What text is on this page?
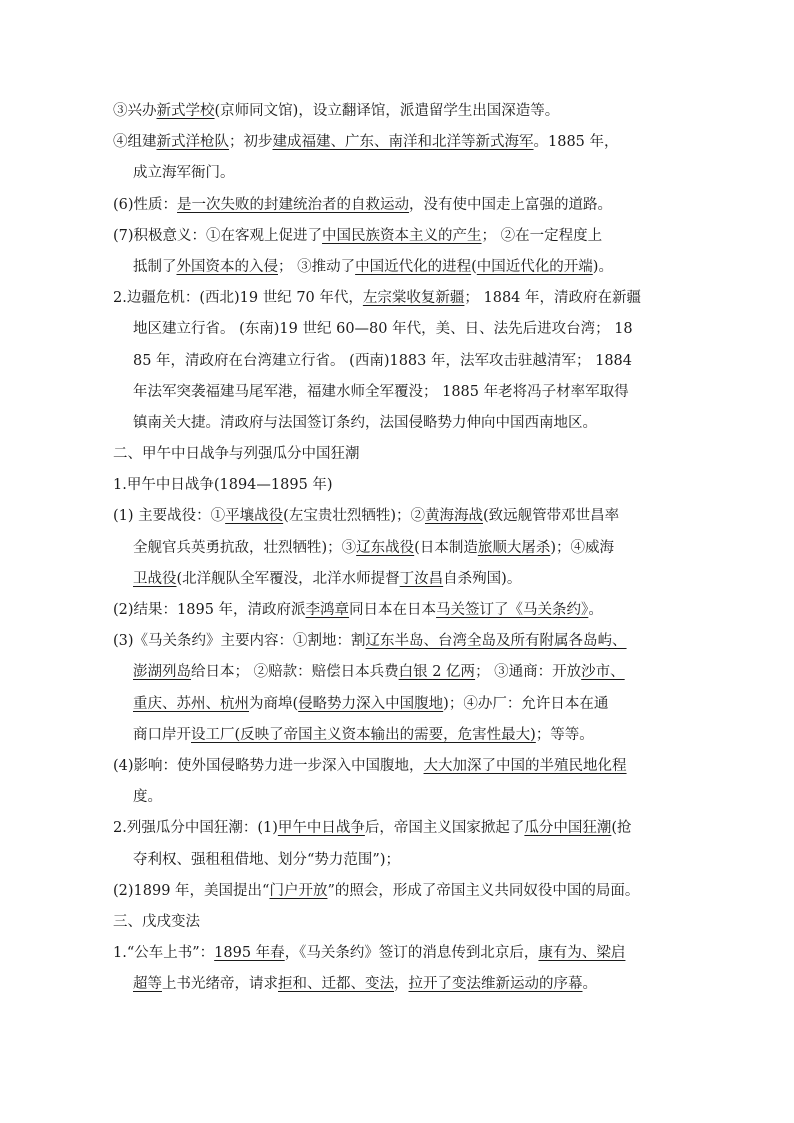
③兴办新式学校(京师同文馆)，设立翻译馆，派遣留学生出国深造等。
④组建新式洋枪队；初步建成福建、广东、南洋和北洋等新式海军。1885 年，
成立海军衙门。
(6)性质：是一次失败的封建统治者的自救运动，没有使中国走上富强的道路。
(7)积极意义：①在客观上促进了中国民族资本主义的产生； ②在一定程度上
抵制了外国资本的入侵； ③推动了中国近代化的进程(中国近代化的开端)。
2.边疆危机：(西北)19 世纪 70 年代，左宗棠收复新疆； 1884 年，清政府在新疆
地区建立行省。 (东南)19 世纪 60—80 年代，美、日、法先后进攻台湾； 18
85 年，清政府在台湾建立行省。 (西南)1883 年，法军攻击驻越清军； 1884
年法军突袭福建马尾军港，福建水师全军覆没； 1885 年老将冯子材率军取得
镇南关大捷。清政府与法国签订条约，法国侵略势力伸向中国西南地区。
二、甲午中日战争与列强瓜分中国狂潮
1.甲午中日战争(1894—1895 年)
(1) 主要战役：①平壤战役(左宝贵壮烈牺牲)；②黄海海战(致远舰管带邓世昌率
全舰官兵英勇抗敌，壮烈牺牲)；③辽东战役(日本制造旅顺大屠杀)；④威海
卫战役(北洋舰队全军覆没，北洋水师提督丁汝昌自杀殉国)。
(2)结果：1895 年，清政府派李鸿章同日本在日本马关签订了《马关条约》。
(3)《马关条约》主要内容：①割地：割辽东半岛、台湾全岛及所有附属各岛屿、
澎湖列岛给日本； ②赔款：赔偿日本兵费白银 2 亿两； ③通商：开放沙市、
重庆、苏州、杭州为商埠(侵略势力深入中国腹地)；④办厂：允许日本在通
商口岸开设工厂(反映了帝国主义资本输出的需要，危害性最大)；等等。
(4)影响：使外国侵略势力进一步深入中国腹地，大大加深了中国的半殖民地化程
度。
2.列强瓜分中国狂潮：(1)甲午中日战争后，帝国主义国家掀起了瓜分中国狂潮(抢
夺利权、强租租借地、划分“势力范围”)；
(2)1899 年，美国提出“门户开放”的照会，形成了帝国主义共同奴役中国的局面。
三、戊戌变法
1.“公车上书”：1895 年春，《马关条约》签订的消息传到北京后，康有为、梁启
超等上书光绪帝，请求拒和、迁都、变法，拉开了变法维新运动的序幕。
